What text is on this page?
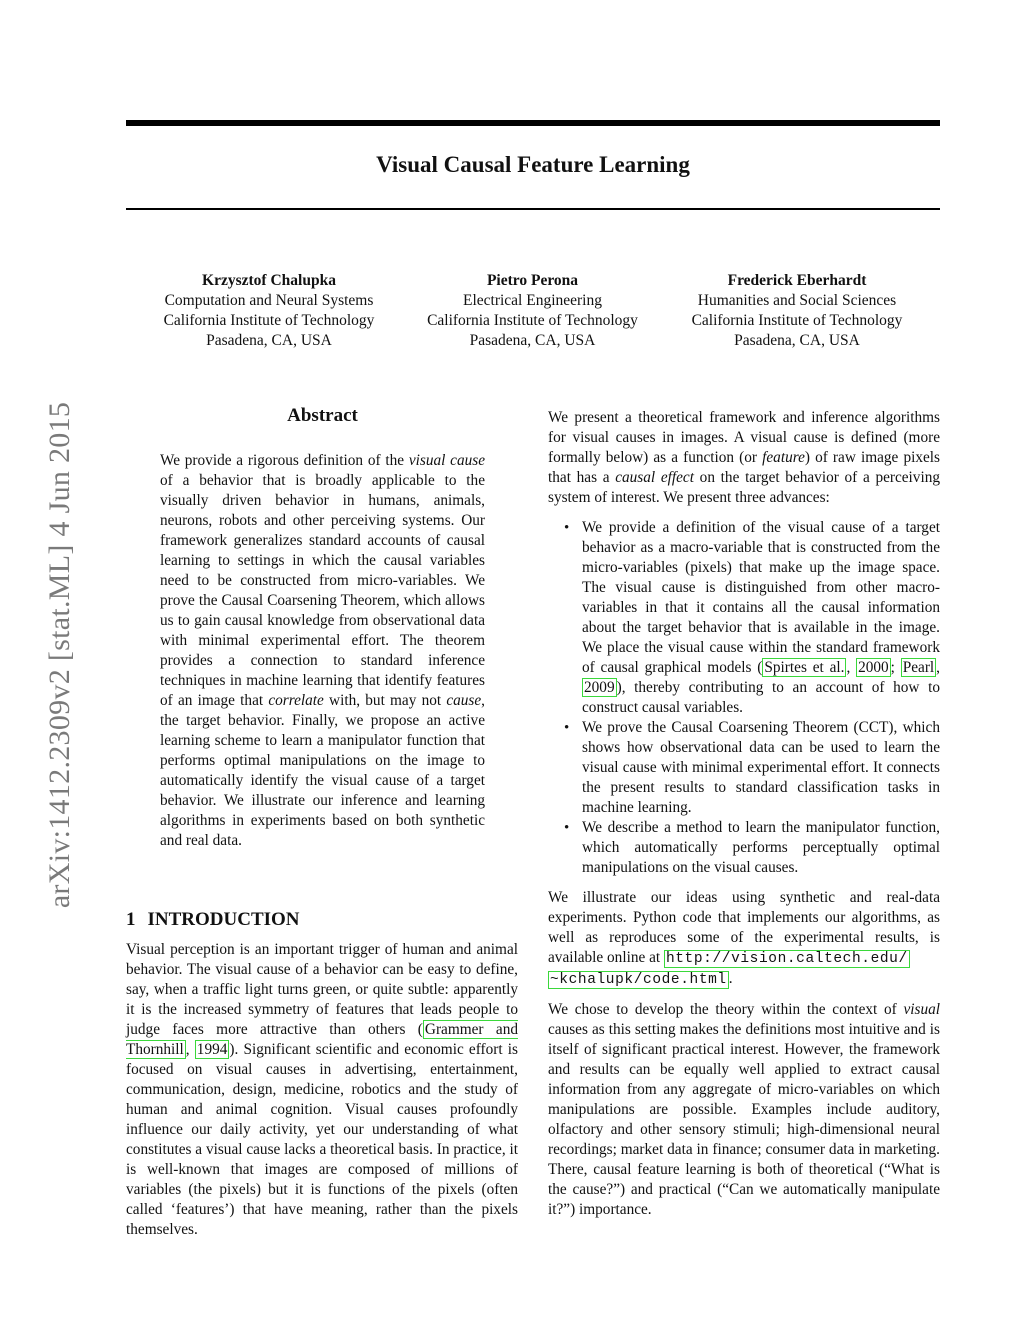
Visual Causal Feature Learning
Krzysztof Chalupka
Computation and Neural Systems
California Institute of Technology
Pasadena, CA, USA
Pietro Perona
Electrical Engineering
California Institute of Technology
Pasadena, CA, USA
Frederick Eberhardt
Humanities and Social Sciences
California Institute of Technology
Pasadena, CA, USA
arXiv:1412.2309v2 [stat.ML] 4 Jun 2015	Abstract
We provide a rigorous definition of the visual cause of a behavior that is broadly applicable to the visually driven behavior in humans, animals, neurons, robots and other perceiving systems. Our framework generalizes standard accounts of causal learning to settings in which the causal variables need to be constructed from micro-variables. We prove the Causal Coarsening Theorem, which allows us to gain causal knowledge from observational data with minimal experimental effort. The theorem provides a connection to standard inference techniques in machine learning that identify features of an image that correlate with, but may not cause, the target behavior. Finally, we propose an active learning scheme to learn a manipulator function that performs optimal manipulations on the image to automatically identify the visual cause of a target behavior. We illustrate our inference and learning algorithms in experiments based on both synthetic and real data.
1 INTRODUCTION
Visual perception is an important trigger of human and animal behavior. The visual cause of a behavior can be easy to define, say, when a traffic light turns green, or quite subtle: apparently it is the increased symmetry of features that leads people to judge faces more attractive than others ( Grammer and Thornhill , 1994 ). Significant scientific and economic effort is focused on visual causes in advertising, entertainment, communication, design, medicine, robotics and the study of human and animal cognition. Visual causes profoundly influence our daily activity, yet our understanding of what constitutes a visual cause lacks a theoretical basis. In practice, it is well-known that images are composed of millions of variables (the pixels) but it is functions of the pixels (often called ‘features’) that have meaning, rather than the pixels themselves.

We present a theoretical framework and inference algorithms for visual causes in images. A visual cause is defined (more formally below) as a function (or feature) of raw image pixels that has a causal effect on the target behavior of a perceiving system of interest. We present three advances:

• We provide a definition of the visual cause of a target behavior as a macro-variable that is constructed from the micro-variables (pixels) that make up the image space. The visual cause is distinguished from other macro-variables in that it contains all the causal information about the target behavior that is available in the image. We place the visual cause within the standard framework of causal graphical models ( Spirtes et al. , 2000 ; Pearl , 2009 ), thereby contributing to an account of how to construct causal variables.
• We prove the Causal Coarsening Theorem (CCT), which shows how observational data can be used to learn the visual cause with minimal experimental effort. It connects the present results to standard classification tasks in machine learning.
• We describe a method to learn the manipulator function, which automatically performs perceptually optimal manipulations on the visual causes.

We illustrate our ideas using synthetic and real-data experiments. Python code that implements our algorithms, as well as reproduces some of the experimental results, is available online at http://vision.caltech.edu/
~kchalupk/code.html .

We chose to develop the theory within the context of visual causes as this setting makes the definitions most intuitive and is itself of significant practical interest. However, the framework and results can be equally well applied to extract causal information from any aggregate of micro-variables on which manipulations are possible. Examples include auditory, olfactory and other sensory stimuli; high-dimensional neural recordings; market data in finance; consumer data in marketing. There, causal feature learning is both of theoretical (“What is the cause?”) and practical (“Can we automatically manipulate it?”) importance.
